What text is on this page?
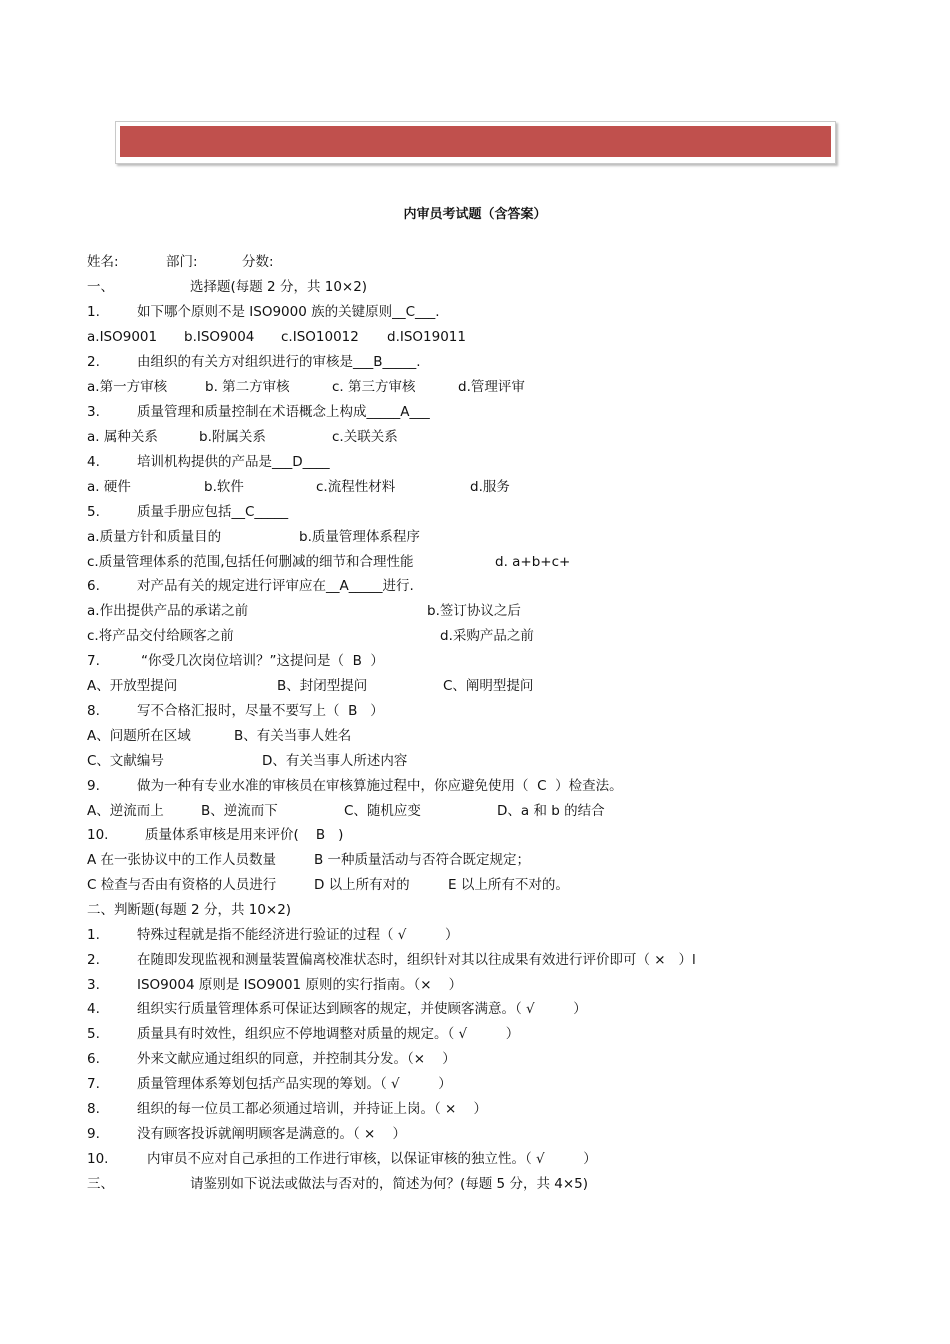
内审员考试题（含答案）
姓名:	部门:	分数:
一、	选择题(每题 2 分，共 10×2)
1.	如下哪个原则不是 ISO9000 族的关键原则__C___.
a.ISO9001 b.ISO9004 c.ISO10012 d.ISO19011
2.	由组织的有关方对组织进行的审核是___B_____.
a.第一方审核	b. 第二方审核	c. 第三方审核	d.管理评审
3.	质量管理和质量控制在术语概念上构成_____A___
a. 属种关系	b.附属关系	c.关联关系
4.	培训机构提供的产品是___D____
a. 硬件	b.软件	c.流程性材料	d.服务
5.	质量手册应包括__C_____
a.质量方针和质量目的	b.质量管理体系程序
c.质量管理体系的范围,包括任何删减的细节和合理性能	d. a+b+c+
6.	对产品有关的规定进行评审应在__A_____进行.
a.作出提供产品的承诺之前	b.签订协议之后
c.将产品交付给顾客之前	d.采购产品之前
7.	“你受几次岗位培训？”这提问是（  B  ）
A、开放型提问	B、封闭型提问	C、阐明型提问
8.	写不合格汇报时，尽量不要写上（  B   ）
A、问题所在区域	B、有关当事人姓名
C、文献编号	D、有关当事人所述内容
9.	做为一种有专业水准的审核员在审核算施过程中，你应避免使用（  C  ）检查法。
A、逆流而上	B、逆流而下	C、随机应变	D、a 和 b 的结合
10.	质量体系审核是用来评价(    B   )
A 在一张协议中的工作人员数量	B 一种质量活动与否符合既定规定；
C 检查与否由有资格的人员进行	D 以上所有对的	E 以上所有不对的。
二、判断题(每题 2 分，共 10×2)
1.	特殊过程就是指不能经济进行验证的过程（ √         ）
2.	在随即发现监视和测量装置偏离校准状态时，组织针对其以往成果有效进行评价即可（ ×   ）l
3.	ISO9004 原则是 ISO9001 原则的实行指南。（×    ）
4.	组织实行质量管理体系可保证达到顾客的规定，并使顾客满意。（ √         ）
5.	质量具有时效性，组织应不停地调整对质量的规定。（ √         ）
6.	外来文献应通过组织的同意，并控制其分发。（×    ）
7.	质量管理体系筹划包括产品实现的筹划。（ √         ）
8.	组织的每一位员工都必须通过培训，并持证上岗。（ ×    ）
9.	没有顾客投诉就阐明顾客是满意的。（ ×    ）
10.	内审员不应对自己承担的工作进行审核，以保证审核的独立性。（ √         ）
三、	请鉴别如下说法或做法与否对的，简述为何？(每题 5 分，共 4×5)
